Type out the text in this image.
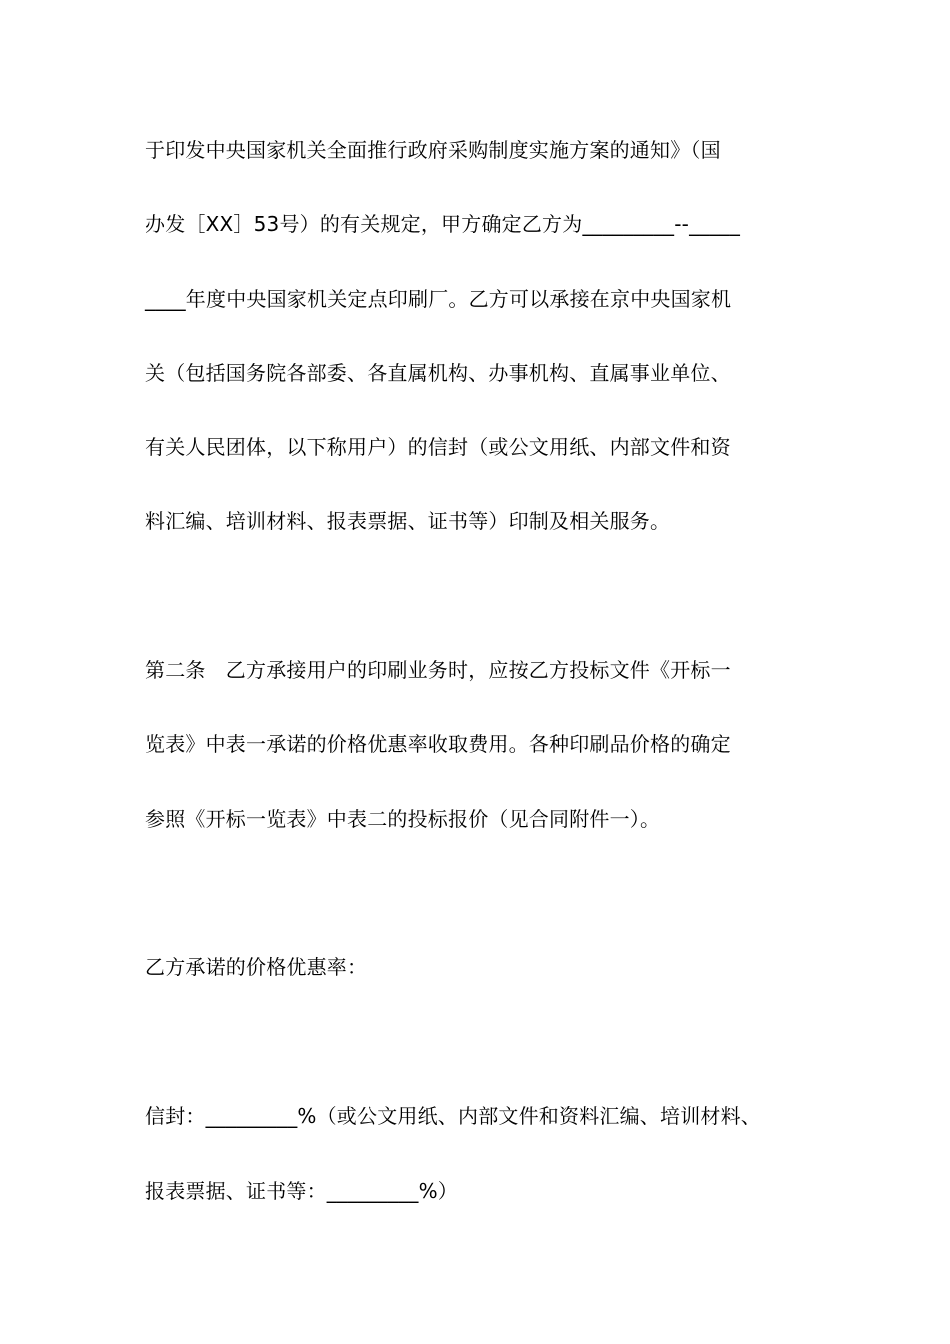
于印发中央国家机关全面推行政府采购制度实施方案的通知》（国
办发［XX］53号）的有关规定，甲方确定乙方为_________--_____
____年度中央国家机关定点印刷厂。乙方可以承接在京中央国家机
关（包括国务院各部委、各直属机构、办事机构、直属事业单位、
有关人民团体，以下称用户）的信封（或公文用纸、内部文件和资
料汇编、培训材料、报表票据、证书等）印制及相关服务。
第二条　乙方承接用户的印刷业务时，应按乙方投标文件《开标一
览表》中表一承诺的价格优惠率收取费用。各种印刷品价格的确定
参照《开标一览表》中表二的投标报价（见合同附件一）。
乙方承诺的价格优惠率：
信封：_________%（或公文用纸、内部文件和资料汇编、培训材料、
报表票据、证书等：_________%）
